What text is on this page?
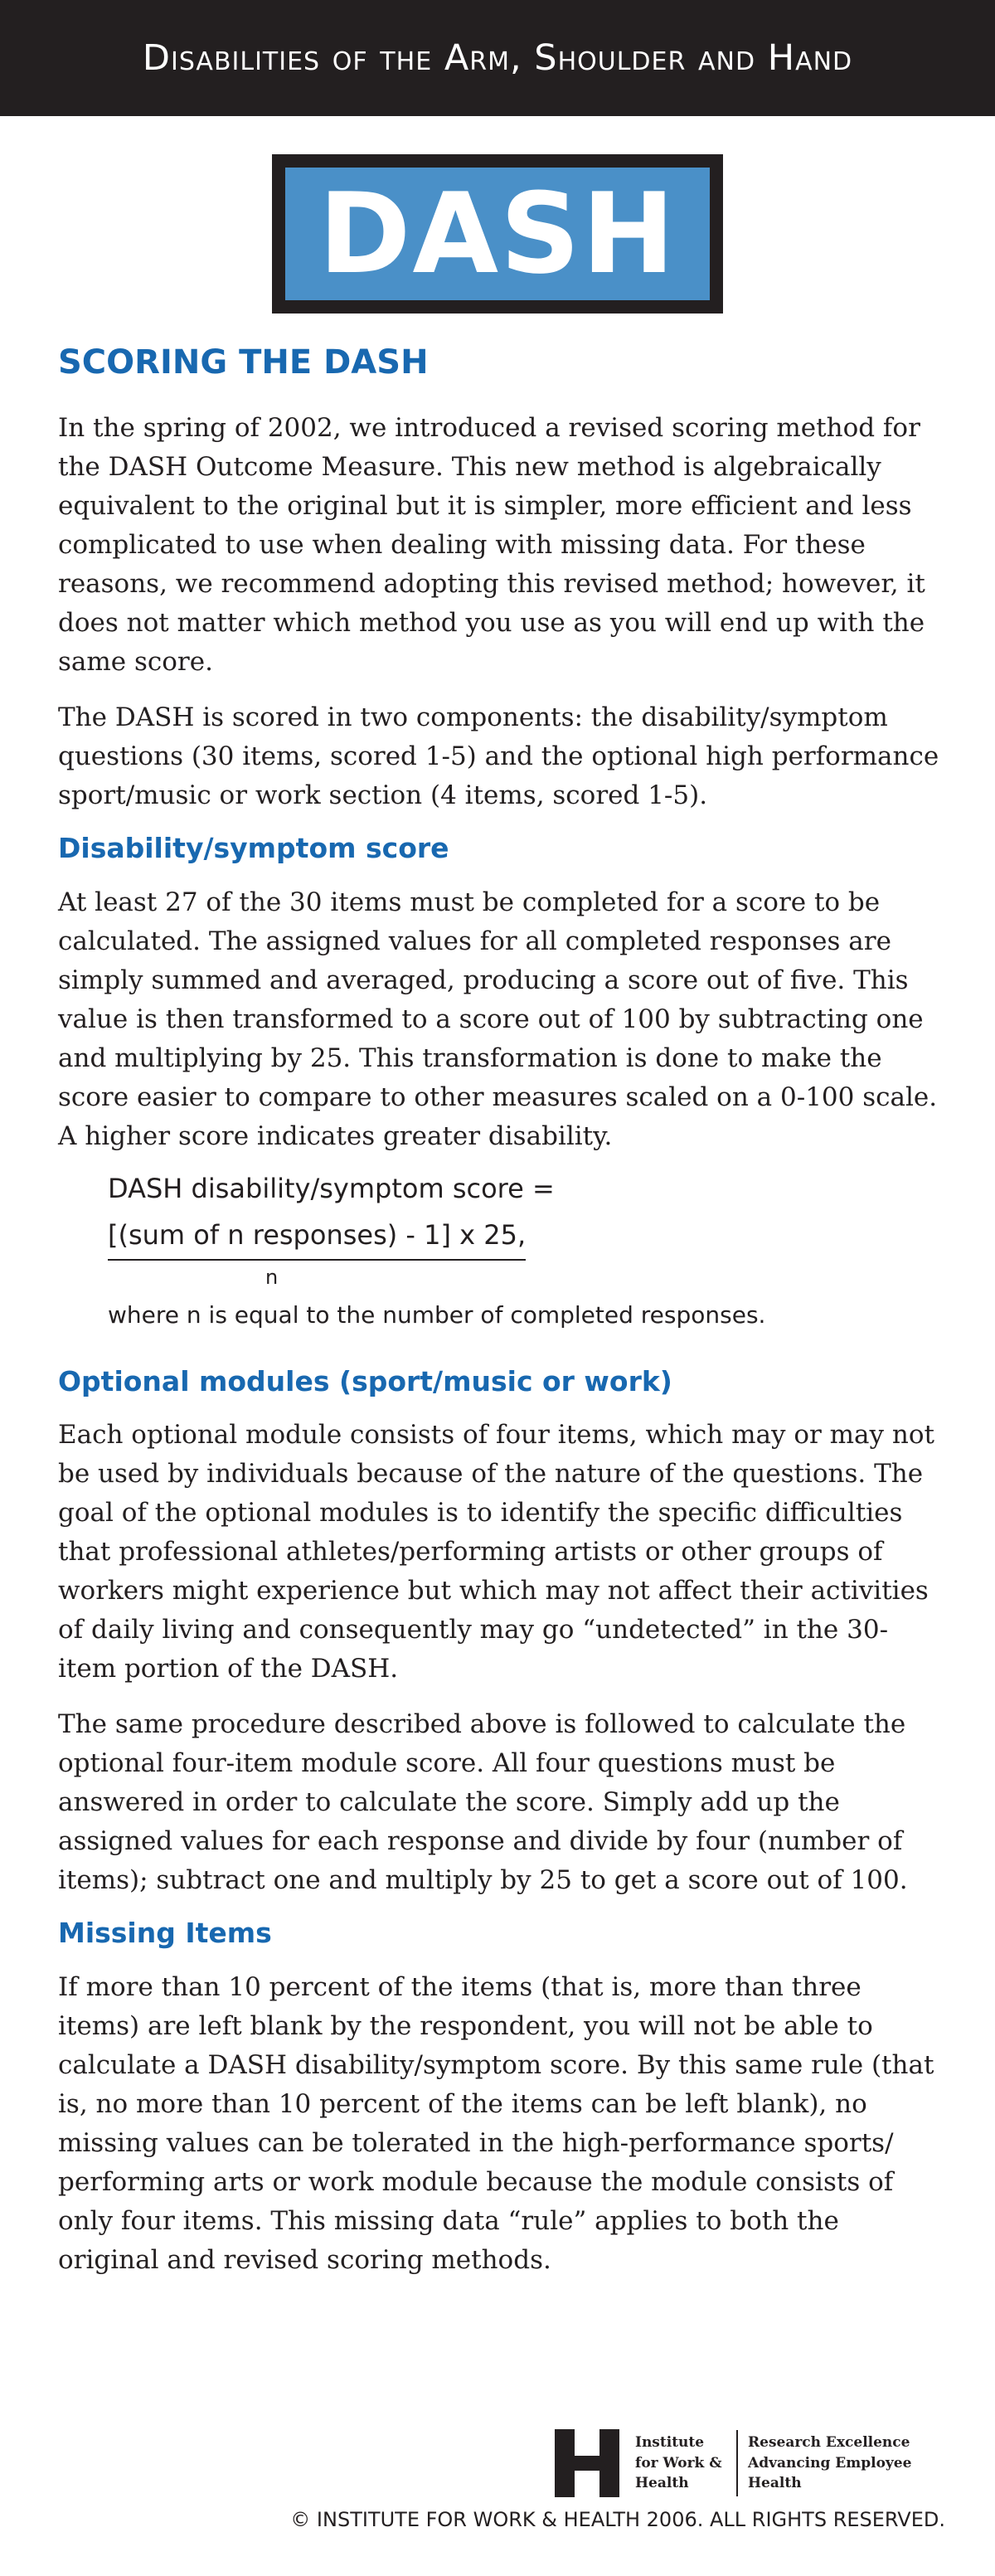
Disabilities of the Arm, Shoulder and Hand
DASH
SCORING THE DASH

In the spring of 2002, we introduced a revised scoring method for the DASH Outcome Measure. This new method is algebraically equivalent to the original but it is simpler, more efficient and less complicated to use when dealing with missing data. For these reasons, we recommend adopting this revised method; however, it does not matter which method you use as you will end up with the same score.

The DASH is scored in two components: the disability/symptom questions (30 items, scored 1-5) and the optional high performance sport/music or work section (4 items, scored 1-5).

Disability/symptom score

At least 27 of the 30 items must be completed for a score to be calculated. The assigned values for all completed responses are simply summed and averaged, producing a score out of five. This value is then transformed to a score out of 100 by subtracting one and multiplying by 25. This transformation is done to make the score easier to compare to other measures scaled on a 0-100 scale. A higher score indicates greater disability.

DASH disability/symptom score =
$\frac{\text{[(sum of n responses) - 1] x 25,}}{n}$
where n is equal to the number of completed responses.
Optional modules (sport/music or work)

Each optional module consists of four items, which may or may not be used by individuals because of the nature of the questions. The goal of the optional modules is to identify the specific difficulties that professional athletes/performing artists or other groups of workers might experience but which may not affect their activities of daily living and consequently may go “undetected” in the 30-item portion of the DASH.

The same procedure described above is followed to calculate the optional four-item module score. All four questions must be answered in order to calculate the score. Simply add up the assigned values for each response and divide by four (number of items); subtract one and multiply by 25 to get a score out of 100.

Missing Items

If more than 10 percent of the items (that is, more than three items) are left blank by the respondent, you will not be able to calculate a DASH disability/symptom score. By this same rule (that is, no more than 10 percent of the items can be left blank), no missing values can be tolerated in the high-performance sports/ performing arts or work module because the module consists of only four items. This missing data “rule” applies to both the original and revised scoring methods.

Institute
for Work &
Health
Research Excellence
Advancing Employee
Health
© INSTITUTE FOR WORK & HEALTH 2006. ALL RIGHTS RESERVED.
